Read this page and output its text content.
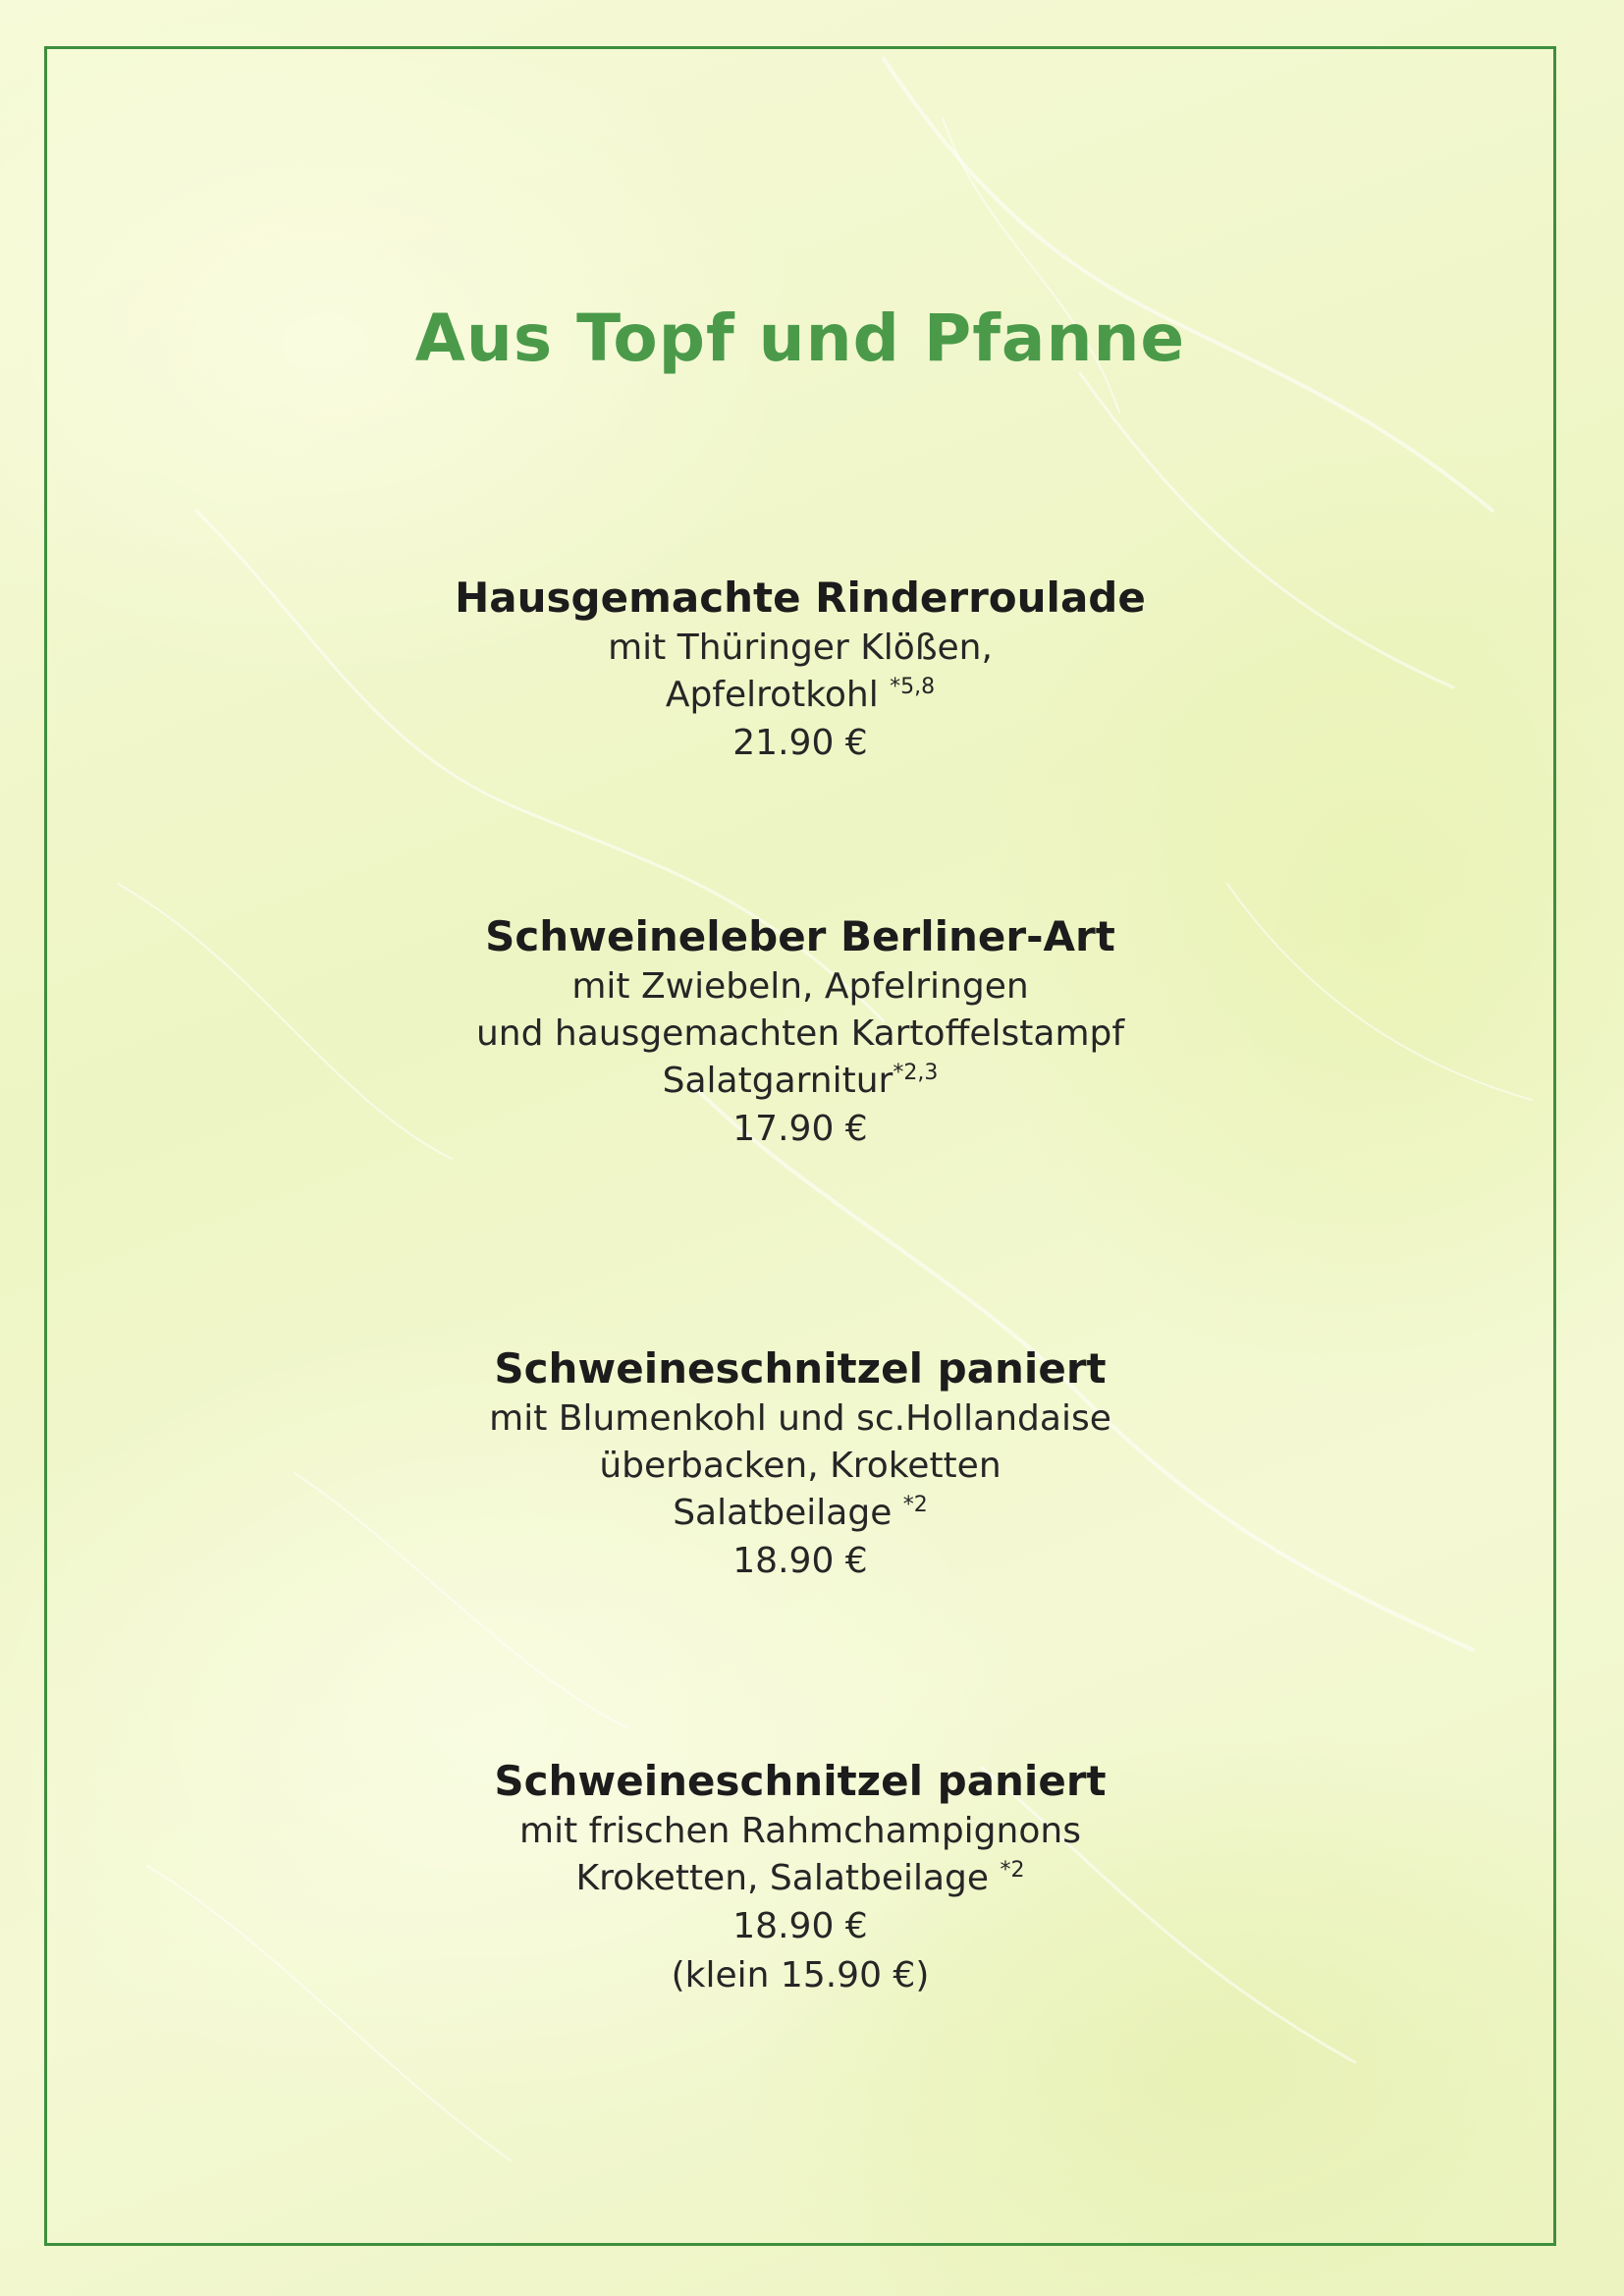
Aus Topf und Pfanne
Hausgemachte Rinderroulade
mit Thüringer Klößen,
Apfelrotkohl $^{*5,8}$
21.90 €
Schweineleber Berliner-Art
mit Zwiebeln, Apfelringen
und hausgemachten Kartoffelstampf
Salatgarnitur$^{*2,3}$
17.90 €
Schweineschnitzel paniert
mit Blumenkohl und sc.Hollandaise
überbacken, Kroketten
Salatbeilage $^{*2}$
18.90 €
Schweineschnitzel paniert
mit frischen Rahmchampignons
Kroketten, Salatbeilage $^{*2}$
18.90 €
(klein 15.90 €)
